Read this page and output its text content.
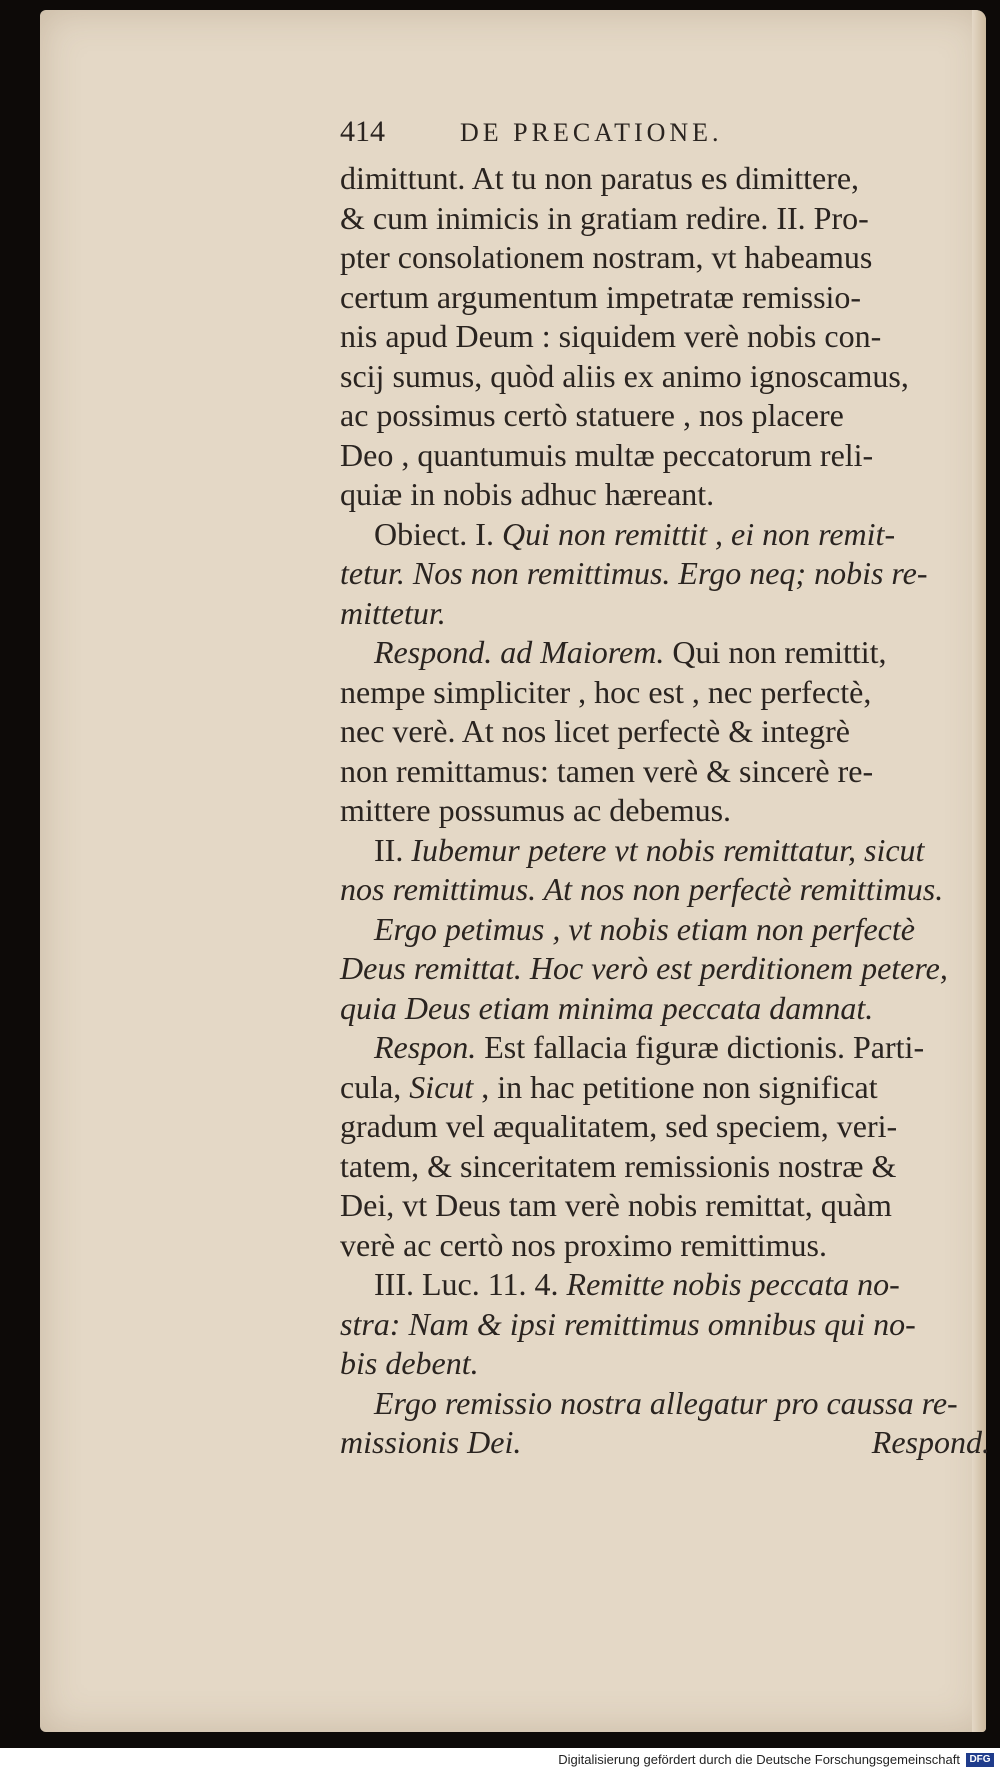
414	DE PRECATIONE.
dimittunt. At tu non paratus es dimittere,
& cum inimicis in gratiam redire. II. Pro-
pter consolationem nostram, vt habeamus
certum argumentum impetratæ remissio-
nis apud Deum : siquidem verè nobis con-
scij sumus, quòd aliis ex animo ignoscamus,
ac possimus certò statuere , nos placere
Deo , quantumuis multæ peccatorum reli-
quiæ in nobis adhuc hæreant.
Obiect. I. Qui non remittit , ei non remit-
tetur. Nos non remittimus. Ergo neq; nobis re-
mittetur.
Respond. ad Maiorem. Qui non remittit,
nempe simpliciter , hoc est , nec perfectè,
nec verè. At nos licet perfectè & integrè
non remittamus: tamen verè & sincerè re-
mittere possumus ac debemus.
II. Iubemur petere vt nobis remittatur, sicut
nos remittimus. At nos non perfectè remittimus.
Ergo petimus , vt nobis etiam non perfectè
Deus remittat. Hoc verò est perditionem petere,
quia Deus etiam minima peccata damnat.
Respon. Est fallacia figuræ dictionis. Parti-
cula, Sicut , in hac petitione non significat
gradum vel æqualitatem, sed speciem, veri-
tatem, & sinceritatem remissionis nostræ &
Dei, vt Deus tam verè nobis remittat, quàm
verè ac certò nos proximo remittimus.
III. Luc. 11. 4. Remitte nobis peccata no-
stra: Nam & ipsi remittimus omnibus qui no-
bis debent.
Ergo remissio nostra allegatur pro caussa re-
missionis Dei.	Respond.
Digitalisierung gefördert durch die Deutsche Forschungsgemeinschaft DFG
